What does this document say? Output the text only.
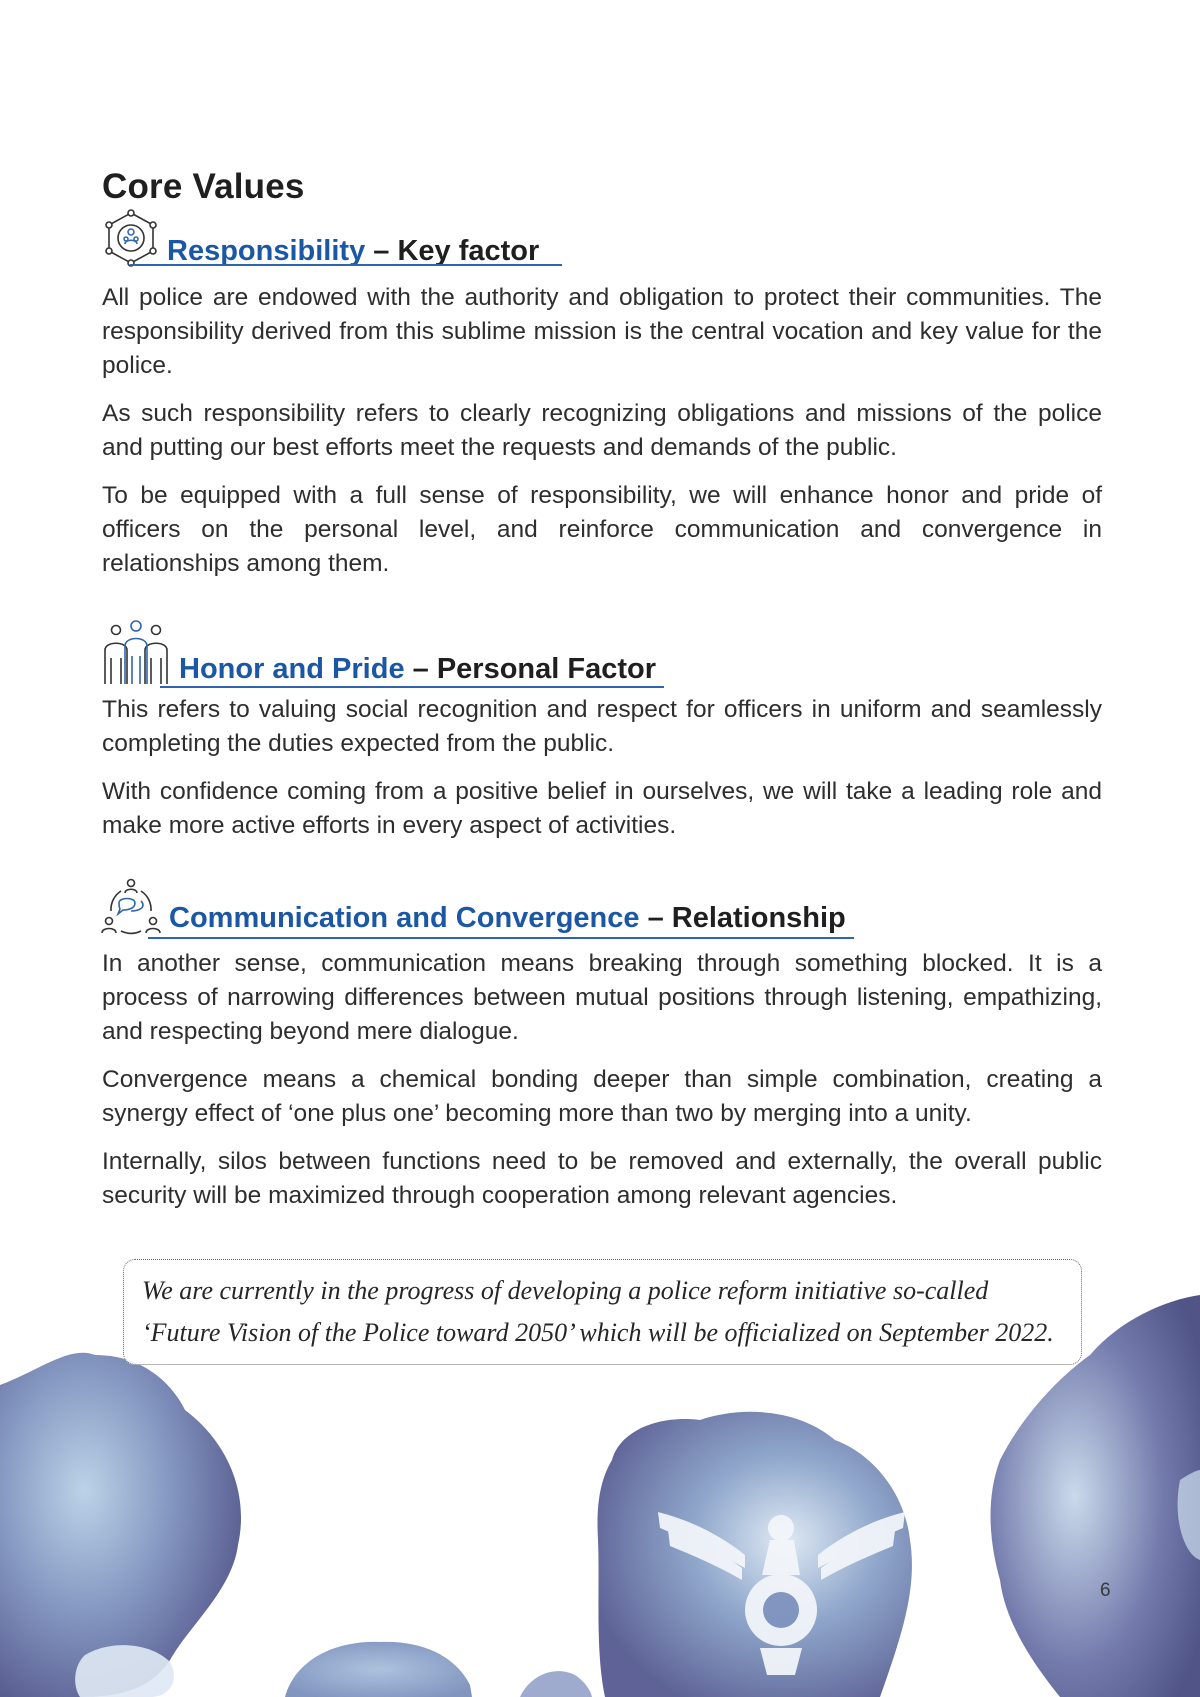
Core Values
Responsibility – Key factor

All police are endowed with the authority and obligation to protect their communities. The responsibility derived from this sublime mission is the central vocation and key value for the police.

As such responsibility refers to clearly recognizing obligations and missions of the police and putting our best efforts meet the requests and demands of the public.

To be equipped with a full sense of responsibility, we will enhance honor and pride of officers on the personal level, and reinforce communication and convergence in relationships among them.

Honor and Pride – Personal Factor

This refers to valuing social recognition and respect for officers in uniform and seamlessly completing the duties expected from the public.

With confidence coming from a positive belief in ourselves, we will take a leading role and make more active efforts in every aspect of activities.

Communication and Convergence – Relationship

In another sense, communication means breaking through something blocked. It is a process of narrowing differences between mutual positions through listening, empathizing, and respecting beyond mere dialogue.

Convergence means a chemical bonding deeper than simple combination, creating a synergy effect of ‘one plus one’ becoming more than two by merging into a unity.

Internally, silos between functions need to be removed and externally, the overall public security will be maximized through cooperation among relevant agencies.

We are currently in the progress of developing a police reform initiative so-called
‘Future Vision of the Police toward 2050’ which will be officialized on September 2022.
6
